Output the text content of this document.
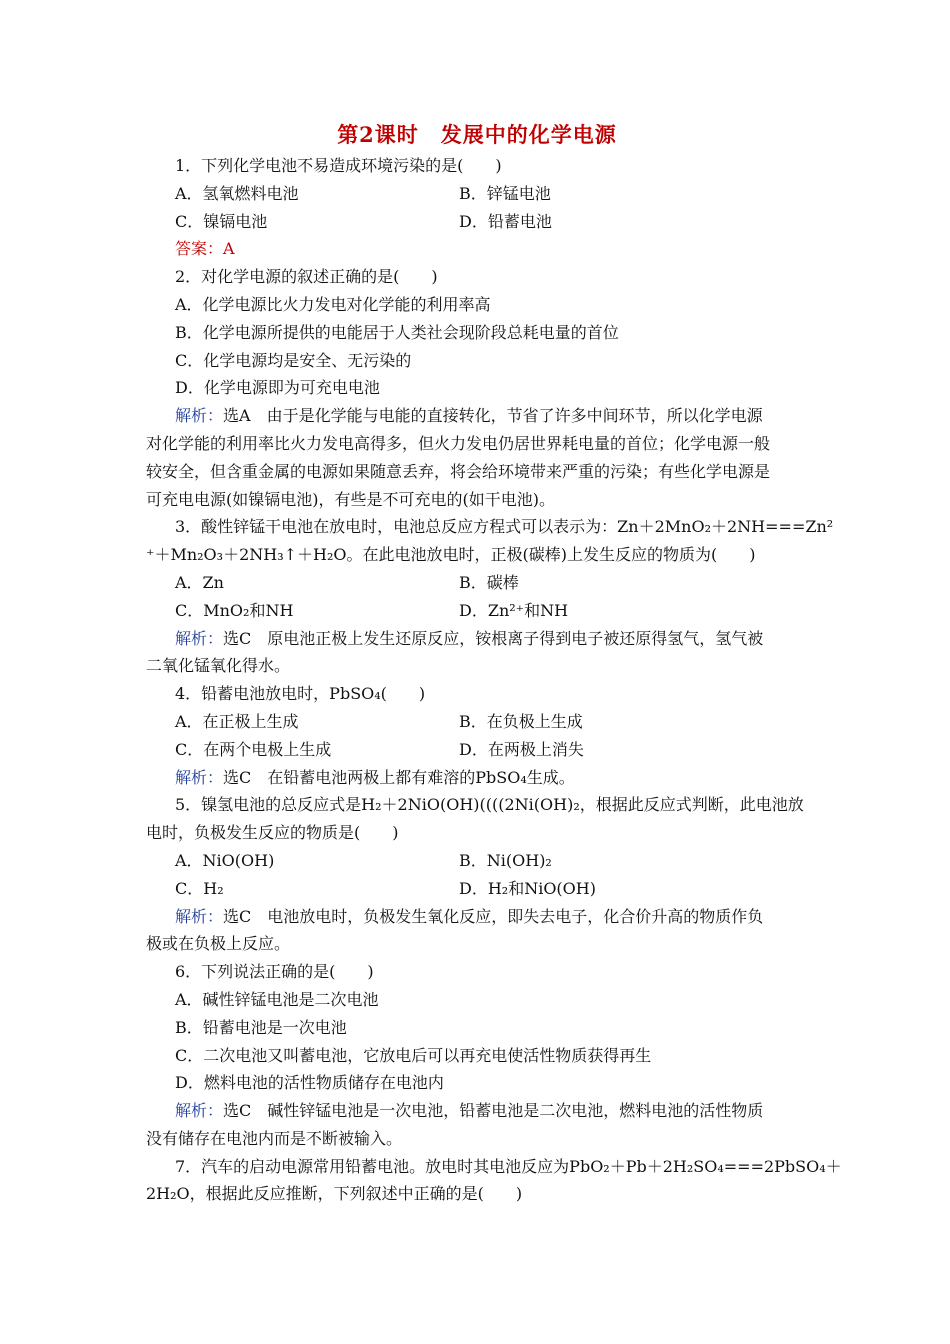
第2课时　发展中的化学电源
1．下列化学电池不易造成环境污染的是(　　)
A．氢氧燃料电池	B．锌锰电池
C．镍镉电池	D．铅蓄电池
答案：A
2．对化学电源的叙述正确的是(　　)
A．化学电源比火力发电对化学能的利用率高
B．化学电源所提供的电能居于人类社会现阶段总耗电量的首位
C．化学电源均是安全、无污染的
D．化学电源即为可充电电池
解析：选A　由于是化学能与电能的直接转化，节省了许多中间环节，所以化学电源
对化学能的利用率比火力发电高得多，但火力发电仍居世界耗电量的首位；化学电源一般
较安全，但含重金属的电源如果随意丢弃，将会给环境带来严重的污染；有些化学电源是
可充电电源(如镍镉电池)，有些是不可充电的(如干电池)。
3．酸性锌锰干电池在放电时，电池总反应方程式可以表示为：Zn＋2MnO₂＋2NH===Zn²
⁺＋Mn₂O₃＋2NH₃↑＋H₂O。在此电池放电时，正极(碳棒)上发生反应的物质为(　　)
A．Zn	B．碳棒
C．MnO₂和NH	D．Zn²⁺和NH
解析：选C　原电池正极上发生还原反应，铵根离子得到电子被还原得氢气，氢气被
二氧化锰氧化得水。
4．铅蓄电池放电时，PbSO₄(　　)
A．在正极上生成	B．在负极上生成
C．在两个电极上生成	D．在两极上消失
解析：选C　在铅蓄电池两极上都有难溶的PbSO₄生成。
5．镍氢电池的总反应式是H₂＋2NiO(OH)((((2Ni(OH)₂，根据此反应式判断，此电池放
电时，负极发生反应的物质是(　　)
A．NiO(OH)	B．Ni(OH)₂
C．H₂	D．H₂和NiO(OH)
解析：选C　电池放电时，负极发生氧化反应，即失去电子，化合价升高的物质作负
极或在负极上反应。
6．下列说法正确的是(　　)
A．碱性锌锰电池是二次电池
B．铅蓄电池是一次电池
C．二次电池又叫蓄电池，它放电后可以再充电使活性物质获得再生
D．燃料电池的活性物质储存在电池内
解析：选C　碱性锌锰电池是一次电池，铅蓄电池是二次电池，燃料电池的活性物质
没有储存在电池内而是不断被输入。
7．汽车的启动电源常用铅蓄电池。放电时其电池反应为PbO₂＋Pb＋2H₂SO₄===2PbSO₄＋
2H₂O，根据此反应推断，下列叙述中正确的是(　　)
